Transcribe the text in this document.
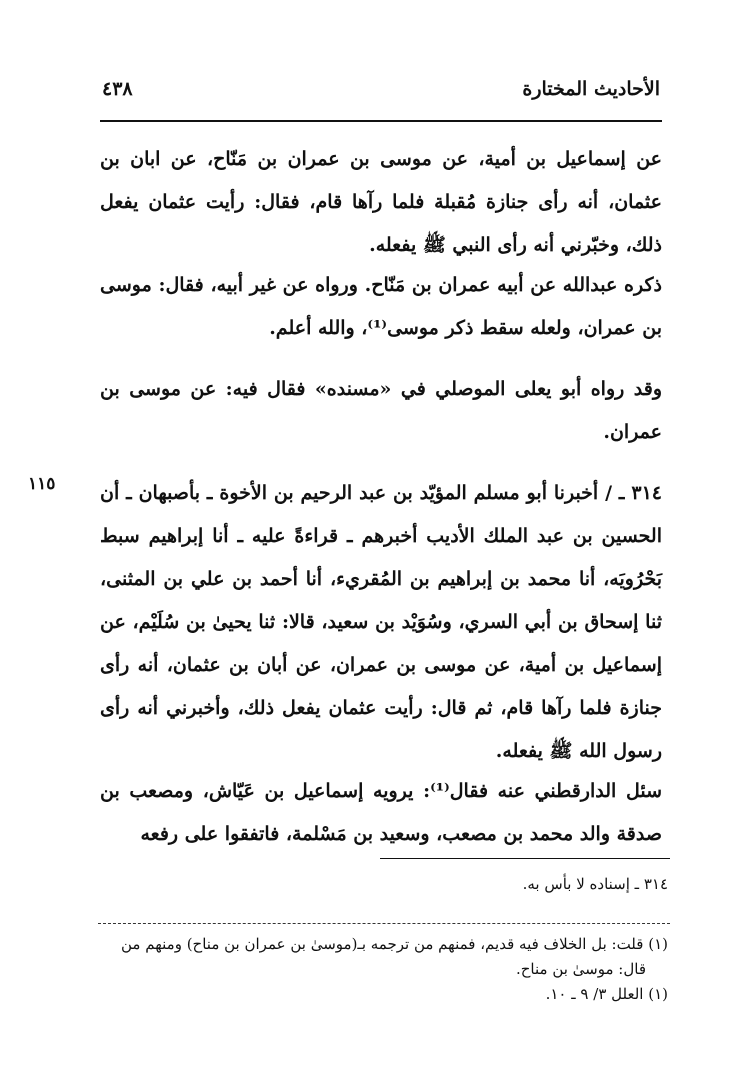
٤٣٨	الأحاديث المختارة

عن إسماعيل بن أمية، عن موسى بن عمران بن مَنّاح، عن ابان بن عثمان، أنه رأى جنازة مُقبلة فلما رآها قام، فقال: رأيت عثمان يفعل ذلك، وخبّرني أنه رأى النبي ﷺ يفعله.

ذكره عبدالله عن أبيه عمران بن مَنّاح. ورواه عن غير أبيه، فقال: موسى بن عمران، ولعله سقط ذكر موسى⁽¹⁾، والله أعلم.

وقد رواه أبو يعلى الموصلي في «مسنده» فقال فيه: عن موسى بن عمران.

١١٥ ٣١٤ ـ / أخبرنا أبو مسلم المؤيّد بن عبد الرحيم بن الأخوة ـ بأصبهان ـ أن الحسين بن عبد الملك الأديب أخبرهم ـ قراءةً عليه ـ أنا إبراهيم سبط بَحْرُويَه، أنا محمد بن إبراهيم بن المُقريء، أنا أحمد بن علي بن المثنى، ثنا إسحاق بن أبي السري، وسُوَيْد بن سعيد، قالا: ثنا يحيىٰ بن سُلَيْم، عن إسماعيل بن أمية، عن موسى بن عمران، عن أبان بن عثمان، أنه رأى جنازة فلما رآها قام، ثم قال: رأيت عثمان يفعل ذلك، وأخبرني أنه رأى رسول الله ﷺ يفعله.

سئل الدارقطني عنه فقال⁽¹⁾: يرويه إسماعيل بن عَيّاش، ومصعب بن صدقة والد محمد بن مصعب، وسعيد بن مَسْلمة، فاتفقوا على رفعه

٣١٤ ـ إسناده لا بأس به.
(١) قلت: بل الخلاف فيه قديم، فمنهم من ترجمه بـ(موسىٰ بن عمران بن مناح) ومنهم من
قال: موسىٰ بن مناح.
(١) العلل ٣/ ٩ ـ ١٠.
